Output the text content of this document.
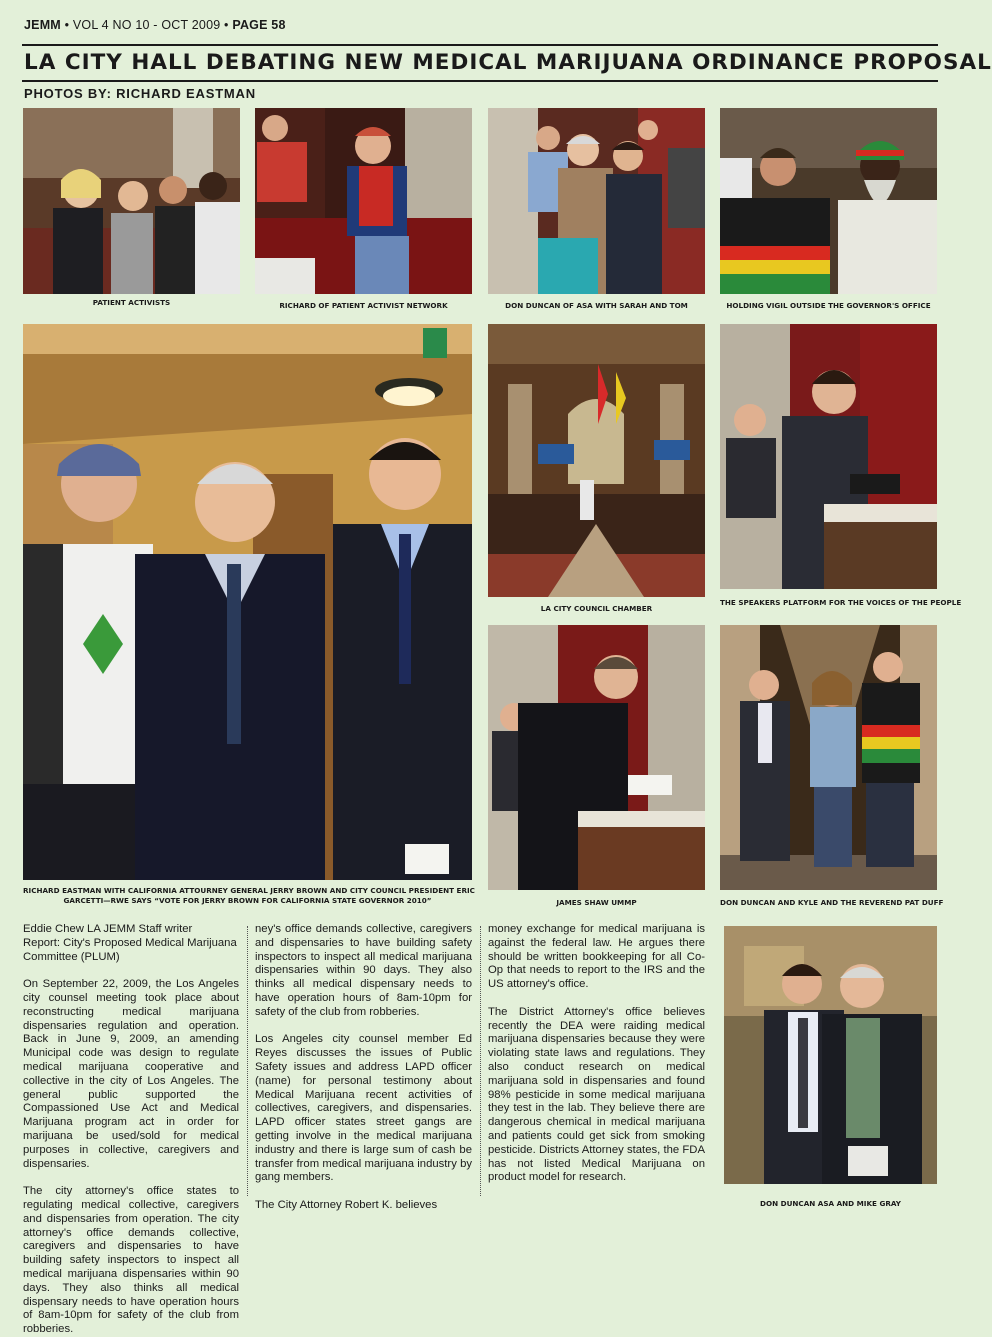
JEMM • VOL 4 NO 10 - OCT 2009 • PAGE 58
LA CITY HALL DEBATING NEW MEDICAL MARIJUANA ORDINANCE PROPOSAL
PHOTOS BY: RICHARD EASTMAN
PATIENT ACTIVISTS	RICHARD OF PATIENT ACTIVIST NETWORK	DON DUNCAN OF ASA WITH SARAH AND TOM	HOLDING VIGIL OUTSIDE THE GOVERNOR'S OFFICE
RICHARD EASTMAN WITH CALIFORNIA ATTOURNEY GENERAL JERRY BROWN AND CITY COUNCIL PRESIDENT ERIC
GARCETTI—RWE SAYS “VOTE FOR JERRY BROWN FOR CALIFORNIA STATE GOVERNOR 2010”
LA CITY COUNCIL CHAMBER
THE SPEAKERS PLATFORM FOR THE VOICES OF THE PEOPLE
JAMES SHAW UMMP	DON DUNCAN AND KYLE AND THE REVEREND PAT DUFF
Eddie Chew LA JEMM Staff writer

Report: City's Proposed Medical Marijuana Committee (PLUM)

On September 22, 2009, the Los Angeles city counsel meeting took place about reconstructing medical marijuana dispensaries regulation and operation. Back in June 9, 2009, an amending Municipal code was design to regulate medical marijuana cooperative and collective in the city of Los Angeles. The general public supported the Compassioned Use Act and Medical Marijuana program act in order for marijuana be used/sold for medical purposes in collective, caregivers and dispensaries.

The city attorney's office states to regulating medical collective, caregivers and dispensaries from operation. The city attorney's office demands collective, caregivers and dispensaries to have building safety inspectors to inspect all medical marijuana dispensaries within 90 days. They also thinks all medical dispensary needs to have operation hours of 8am-10pm for safety of the club from robberies.

ney's office demands collective, caregivers and dispensaries to have building safety inspectors to inspect all medical marijuana dispensaries within 90 days. They also thinks all medical dispensary needs to have operation hours of 8am-10pm for safety of the club from robberies.

Los Angeles city counsel member Ed Reyes discusses the issues of Public Safety issues and address LAPD officer (name) for personal testimony about Medical Marijuana recent activities of collectives, caregivers, and dispensaries. LAPD officer states street gangs are getting involve in the medical marijuana industry and there is large sum of cash be transfer from medical marijuana industry by gang members.

The City Attorney Robert K. believes

money exchange for medical marijuana is against the federal law. He argues there should be written bookkeeping for all Co-Op that needs to report to the IRS and the US attorney's office.

The District Attorney's office believes recently the DEA were raiding medical marijuana dispensaries because they were violating state laws and regulations. They also conduct research on medical marijuana sold in dispensaries and found 98% pesticide in some medical marijuana they test in the lab. They believe there are dangerous chemical in medical marijuana and patients could get sick from smoking pesticide. Districts Attorney states, the FDA has not listed Medical Marijuana on product model for research.

DON DUNCAN ASA AND MIKE GRAY
